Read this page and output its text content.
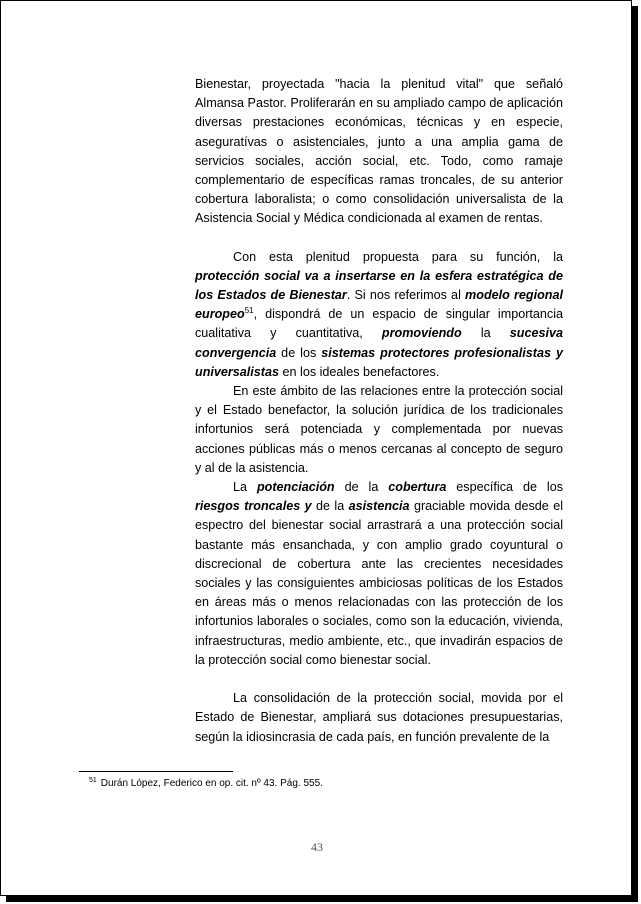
Bienestar, proyectada "hacia la plenitud vital" que señaló Almansa Pastor. Proliferarán en su ampliado campo de aplicación diversas prestaciones económicas, técnicas y en especie, aseguratívas o asistenciales, junto a una amplia gama de servicios sociales, acción social, etc. Todo, como ramaje complementario de específicas ramas troncales, de su anterior cobertura laboralista; o como consolidación universalista de la Asistencia Social y Médica condicionada al examen de rentas.

Con esta plenitud propuesta para su función, la protección social va a insertarse en la esfera estratégica de los Estados de Bienestar. Si nos referimos al modelo regional europeo$^{51}$, dispondrá de un espacio de singular importancia cualitativa y cuantitativa, promoviendo la sucesiva convergencia de los sistemas protectores profesionalistas y universalistas en los ideales benefactores.

En este ámbito de las relaciones entre la protección social y el Estado benefactor, la solución jurídica de los tradicionales infortunios será potenciada y complementada por nuevas acciones públicas más o menos cercanas al concepto de seguro y al de la asistencia.

La potenciación de la cobertura específica de los riesgos troncales y de la asistencia graciable movida desde el espectro del bienestar social arrastrará a una protección social bastante más ensanchada, y con amplio grado coyuntural o discrecional de cobertura ante las crecientes necesidades sociales y las consiguientes ambiciosas políticas de los Estados en áreas más o menos relacionadas con las protección de los infortunios laborales o sociales, como son la educación, vivienda, infraestructuras, medio ambiente, etc., que invadirán espacios de la protección social como bienestar social.

La consolidación de la protección social, movida por el Estado de Bienestar, ampliará sus dotaciones presupuestarias, según la idiosincrasia de cada país, en función prevalente de la

$^{51}$ Durán López, Federico en op. cit. nº 43. Pág. 555.
43
